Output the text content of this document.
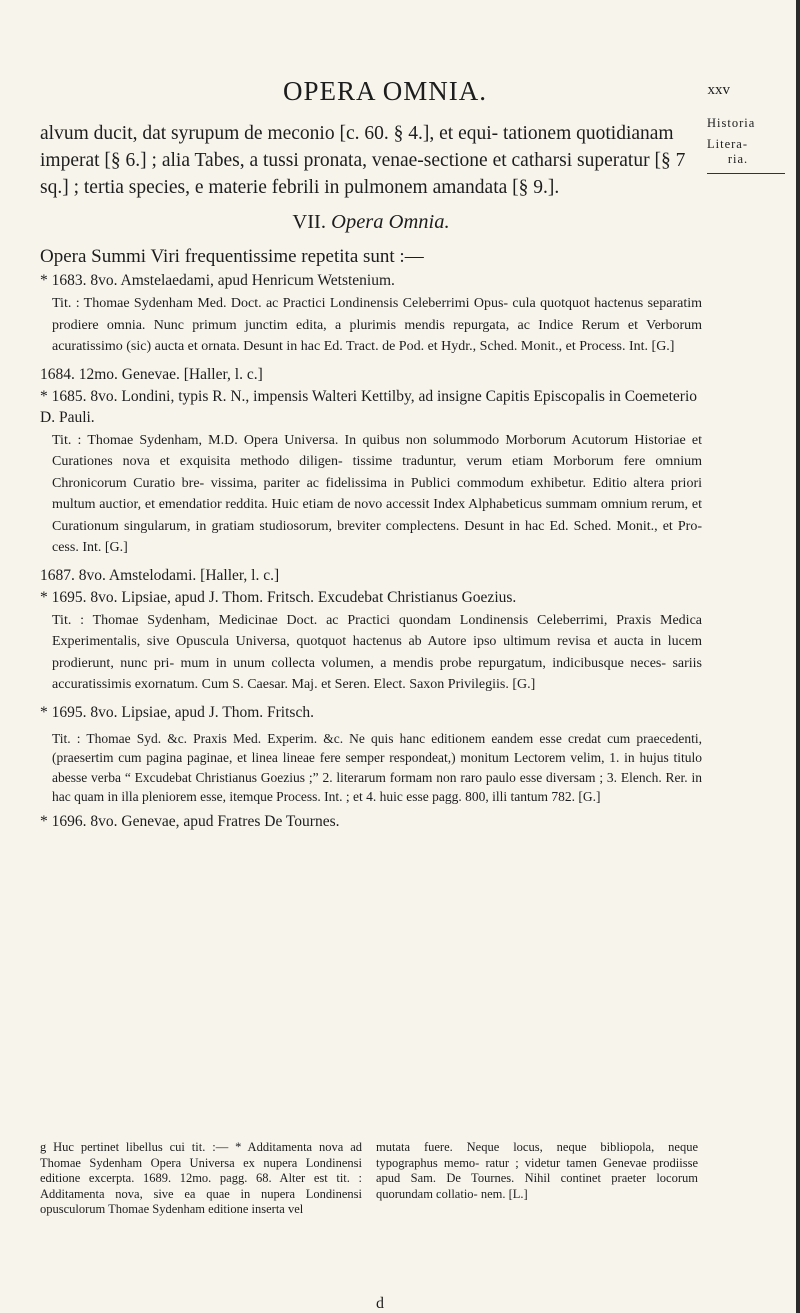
OPERA OMNIA.	xxv
Historia
Litera-
ria.

alvum ducit, dat syrupum de meconio [c. 60. § 4.], et equi- tationem quotidianam imperat [§ 6.] ; alia Tabes, a tussi pronata, venae-sectione et catharsi superatur [§ 7 sq.] ; tertia species, e materie febrili in pulmonem amandata [§ 9.].

VII. Opera Omnia.
Opera Summi Viri frequentissime repetita sunt :—
* 1683. 8vo. Amstelaedami, apud Henricum Wetstenium.
Tit. : Thomae Sydenham Med. Doct. ac Practici Londinensis Celeberrimi Opus- cula quotquot hactenus separatim prodiere omnia. Nunc primum junctim edita, a plurimis mendis repurgata, ac Indice Rerum et Verborum acuratissimo (sic) aucta et ornata. Desunt in hac Ed. Tract. de Pod. et Hydr., Sched. Monit., et Process. Int. [G.]
1684. 12mo. Genevae. [Haller, l. c.]
* 1685. 8vo. Londini, typis R. N., impensis Walteri Kettilby, ad insigne Capitis Episcopalis in Coemeterio D. Pauli.
Tit. : Thomae Sydenham, M.D. Opera Universa. In quibus non solummodo Morborum Acutorum Historiae et Curationes nova et exquisita methodo diligen- tissime traduntur, verum etiam Morborum fere omnium Chronicorum Curatio bre- vissima, pariter ac fidelissima in Publici commodum exhibetur. Editio altera priori multum auctior, et emendatior reddita. Huic etiam de novo accessit Index Alphabeticus summam omnium rerum, et Curationum singularum, in gratiam studiosorum, breviter complectens. Desunt in hac Ed. Sched. Monit., et Pro- cess. Int. [G.]
1687. 8vo. Amstelodami. [Haller, l. c.]
* 1695. 8vo. Lipsiae, apud J. Thom. Fritsch. Excudebat Christianus Goezius.
Tit. : Thomae Sydenham, Medicinae Doct. ac Practici quondam Londinensis Celeberrimi, Praxis Medica Experimentalis, sive Opuscula Universa, quotquot hactenus ab Autore ipso ultimum revisa et aucta in lucem prodierunt, nunc pri- mum in unum collecta volumen, a mendis probe repurgatum, indicibusque neces- sariis accuratissimis exornatum. Cum S. Caesar. Maj. et Seren. Elect. Saxon Privilegiis. [G.]
* 1695. 8vo. Lipsiae, apud J. Thom. Fritsch.
Tit. : Thomae Syd. &c. Praxis Med. Experim. &c. Ne quis hanc editionem eandem esse credat cum praecedenti, (praesertim cum pagina paginae, et linea lineae fere semper respondeat,) monitum Lectorem velim, 1. in hujus titulo abesse verba “ Excudebat Christianus Goezius ;” 2. literarum formam non raro paulo esse diversam ; 3. Elench. Rer. in hac quam in illa pleniorem esse, itemque Process. Int. ; et 4. huic esse pagg. 800, illi tantum 782. [G.]
* 1696. 8vo. Genevae, apud Fratres De Tournes.
g Huc pertinet libellus cui tit. :— * Additamenta nova ad Thomae Sydenham Opera Universa ex nupera Londinensi editione excerpta. 1689. 12mo. pagg. 68. Alter est tit. : Additamenta nova, sive ea quae in nupera Londinensi opusculorum Thomae Sydenham editione inserta vel
mutata fuere. Neque locus, neque bibliopola, neque typographus memo- ratur ; videtur tamen Genevae prodiisse apud Sam. De Tournes. Nihil continet praeter locorum quorundam collatio- nem. [L.]
d
